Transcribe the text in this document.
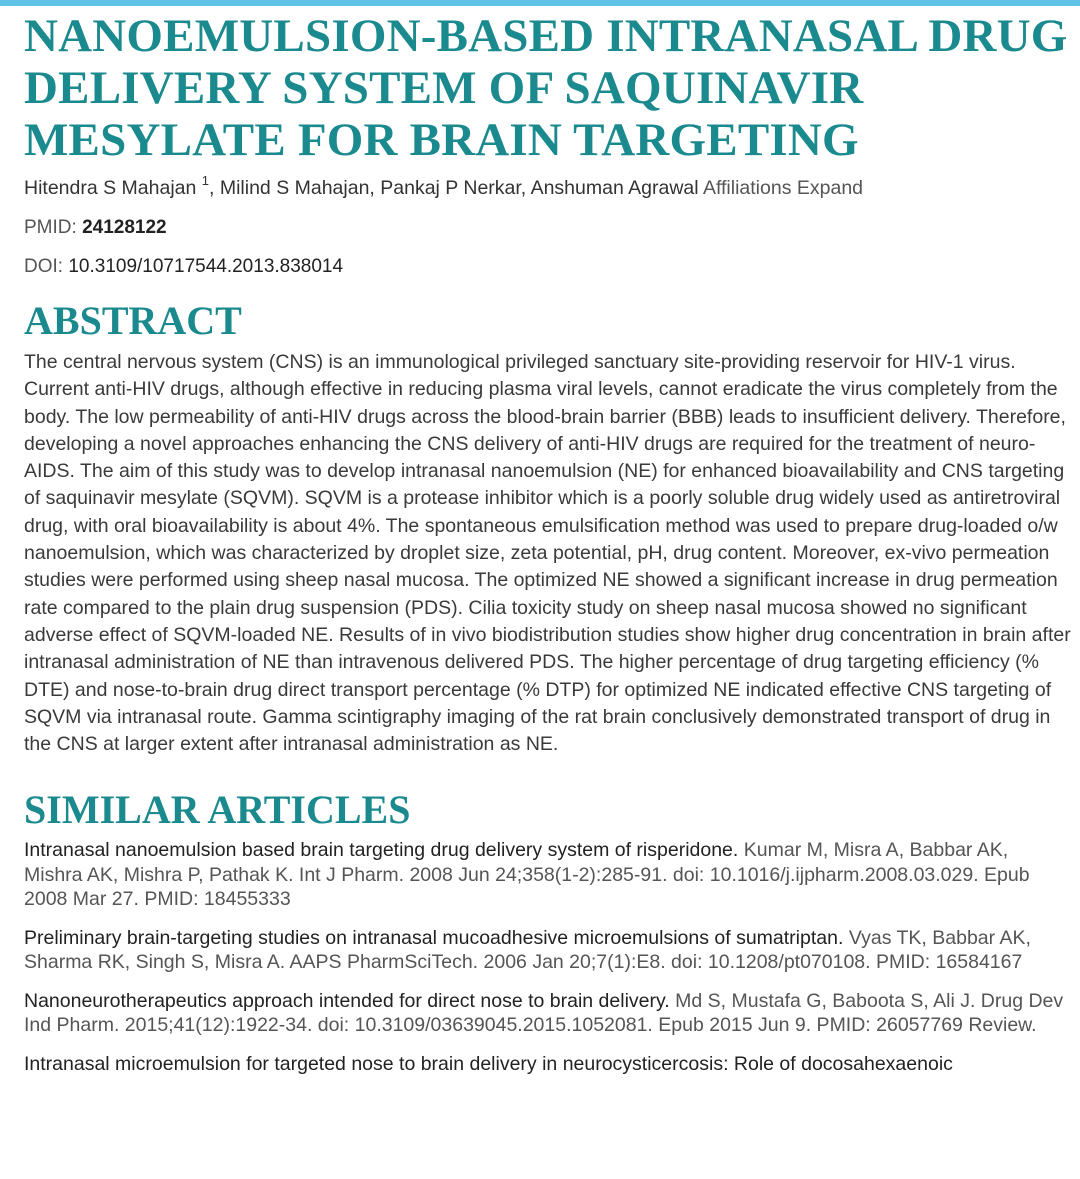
NANOEMULSION-BASED INTRANASAL DRUG DELIVERY SYSTEM OF SAQUINAVIR MESYLATE FOR BRAIN TARGETING
Hitendra S Mahajan $^1$, Milind S Mahajan, Pankaj P Nerkar, Anshuman Agrawal Affiliations Expand
PMID: 24128122
DOI: 10.3109/10717544.2013.838014
ABSTRACT
The central nervous system (CNS) is an immunological privileged sanctuary site-providing reservoir for HIV-1 virus. Current anti-HIV drugs, although effective in reducing plasma viral levels, cannot eradicate the virus completely from the body. The low permeability of anti-HIV drugs across the blood-brain barrier (BBB) leads to insufficient delivery. Therefore, developing a novel approaches enhancing the CNS delivery of anti-HIV drugs are required for the treatment of neuro-AIDS. The aim of this study was to develop intranasal nanoemulsion (NE) for enhanced bioavailability and CNS targeting of saquinavir mesylate (SQVM). SQVM is a protease inhibitor which is a poorly soluble drug widely used as antiretroviral drug, with oral bioavailability is about 4%. The spontaneous emulsification method was used to prepare drug-loaded o/w nanoemulsion, which was characterized by droplet size, zeta potential, pH, drug content. Moreover, ex-vivo permeation studies were performed using sheep nasal mucosa. The optimized NE showed a significant increase in drug permeation rate compared to the plain drug suspension (PDS). Cilia toxicity study on sheep nasal mucosa showed no significant adverse effect of SQVM-loaded NE. Results of in vivo biodistribution studies show higher drug concentration in brain after intranasal administration of NE than intravenous delivered PDS. The higher percentage of drug targeting efficiency (% DTE) and nose-to-brain drug direct transport percentage (% DTP) for optimized NE indicated effective CNS targeting of SQVM via intranasal route. Gamma scintigraphy imaging of the rat brain conclusively demonstrated transport of drug in the CNS at larger extent after intranasal administration as NE.
SIMILAR ARTICLES
Intranasal nanoemulsion based brain targeting drug delivery system of risperidone. Kumar M, Misra A, Babbar AK, Mishra AK, Mishra P, Pathak K. Int J Pharm. 2008 Jun 24;358(1-2):285-91. doi: 10.1016/j.ijpharm.2008.03.029. Epub 2008 Mar 27. PMID: 18455333
Preliminary brain-targeting studies on intranasal mucoadhesive microemulsions of sumatriptan. Vyas TK, Babbar AK, Sharma RK, Singh S, Misra A. AAPS PharmSciTech. 2006 Jan 20;7(1):E8. doi: 10.1208/pt070108. PMID: 16584167
Nanoneurotherapeutics approach intended for direct nose to brain delivery. Md S, Mustafa G, Baboota S, Ali J. Drug Dev Ind Pharm. 2015;41(12):1922-34. doi: 10.3109/03639045.2015.1052081. Epub 2015 Jun 9. PMID: 26057769 Review.
Intranasal microemulsion for targeted nose to brain delivery in neurocysticercosis: Role of docosahexaenoic
